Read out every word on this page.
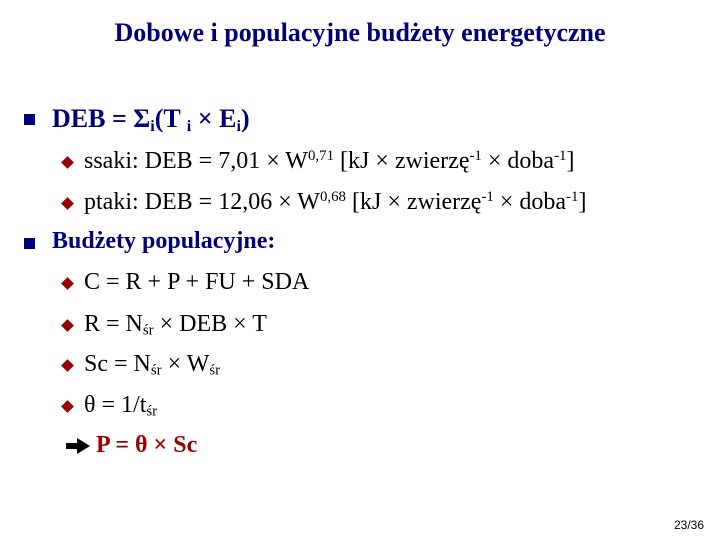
Dobowe i populacyjne budżety energetyczne
DEB = $\Sigma_i(T$ $_i \times E_i$)
ssaki: DEB = 7,01 × W$^{0,71}$ [kJ × zwierzę$^{-1}$ × doba$^{-1}$]
ptaki: DEB = 12,06 × W$^{0,68}$ [kJ × zwierzę$^{-1}$ × doba$^{-1}$]
Budżety populacyjne:
C = R + P + FU + SDA
$R = N_{śr}$ × DEB × T
$Sc = N_{śr} \times W_{śr}$
$\theta = 1/t_{śr}$
P = θ × Sc
23/36
